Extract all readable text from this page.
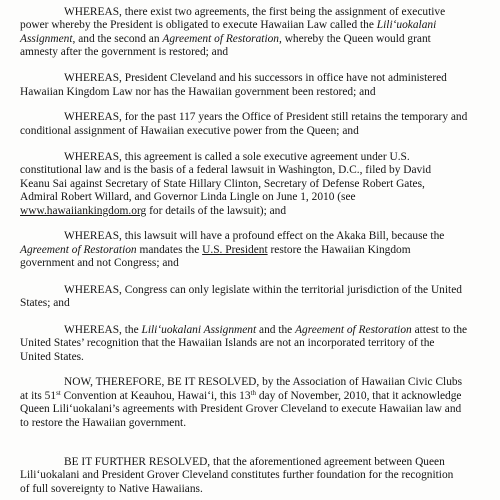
WHEREAS, there exist two agreements, the first being the assignment of executive
power whereby the President is obligated to execute Hawaiian Law called the Lili‘uokalani
Assignment, and the second an Agreement of Restoration, whereby the Queen would grant
amnesty after the government is restored; and

WHEREAS, President Cleveland and his successors in office have not administered
Hawaiian Kingdom Law nor has the Hawaiian government been restored; and

WHEREAS, for the past 117 years the Office of President still retains the temporary and
conditional assignment of Hawaiian executive power from the Queen; and

WHEREAS, this agreement is called a sole executive agreement under U.S.
constitutional law and is the basis of a federal lawsuit in Washington, D.C., filed by David
Keanu Sai against Secretary of State Hillary Clinton, Secretary of Defense Robert Gates,
Admiral Robert Willard, and Governor Linda Lingle on June 1, 2010 (see
www.hawaiiankingdom.org for details of the lawsuit); and

WHEREAS, this lawsuit will have a profound effect on the Akaka Bill, because the
Agreement of Restoration mandates the U.S. President restore the Hawaiian Kingdom
government and not Congress; and

WHEREAS, Congress can only legislate within the territorial jurisdiction of the United
States; and

WHEREAS, the Lili‘uokalani Assignment and the Agreement of Restoration attest to the
United States’ recognition that the Hawaiian Islands are not an incorporated territory of the
United States.

NOW, THEREFORE, BE IT RESOLVED, by the Association of Hawaiian Civic Clubs
at its 51st Convention at Keauhou, Hawai‘i, this 13th day of November, 2010, that it acknowledge
Queen Lili‘uokalani’s agreements with President Grover Cleveland to execute Hawaiian law and
to restore the Hawaiian government.

BE IT FURTHER RESOLVED, that the aforementioned agreement between Queen
Lili‘uokalani and President Grover Cleveland constitutes further foundation for the recognition
of full sovereignty to Native Hawaiians.
